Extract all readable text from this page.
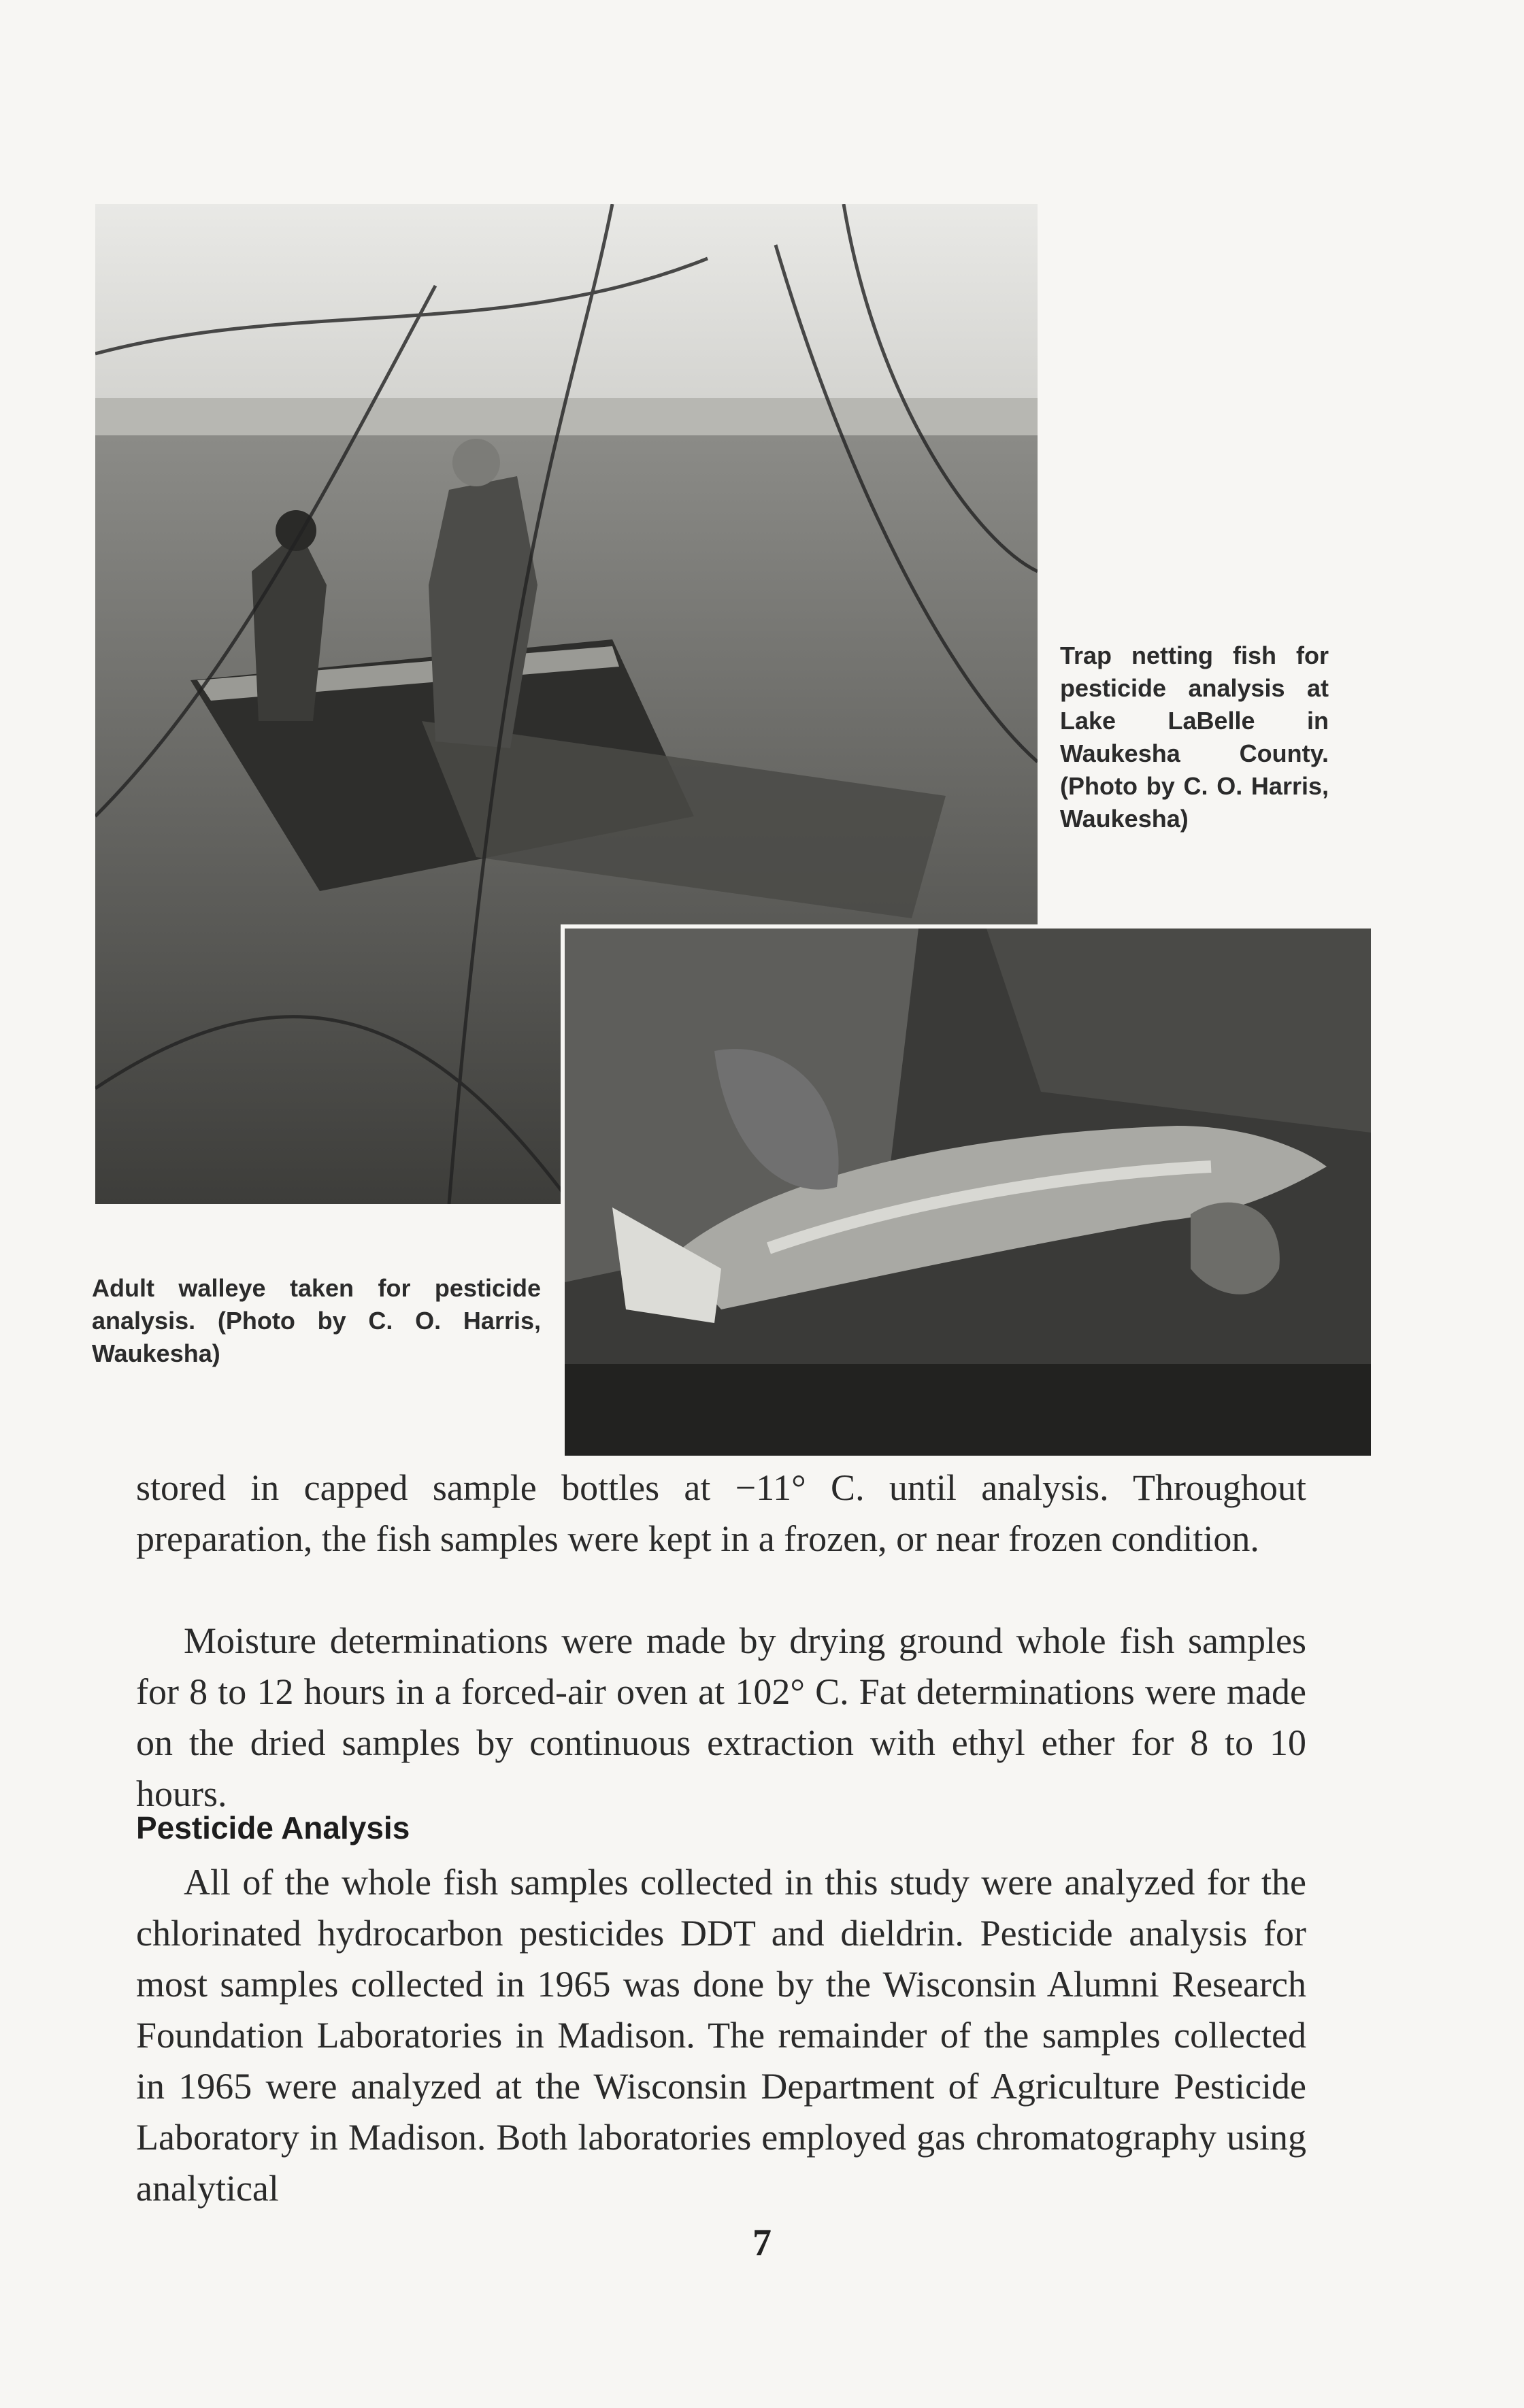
Trap netting fish for pesticide analysis at Lake LaBelle in Waukesha County. (Photo by C. O. Harris, Waukesha)

Adult walleye taken for pesticide analysis. (Photo by C. O. Harris, Waukesha)

stored in capped sample bottles at −11° C. until analysis. Throughout preparation, the fish samples were kept in a frozen, or near frozen condition.

Moisture determinations were made by drying ground whole fish samples for 8 to 12 hours in a forced-air oven at 102° C. Fat determinations were made on the dried samples by continuous extraction with ethyl ether for 8 to 10 hours.

Pesticide Analysis

All of the whole fish samples collected in this study were analyzed for the chlorinated hydrocarbon pesticides DDT and dieldrin. Pesticide analysis for most samples collected in 1965 was done by the Wisconsin Alumni Research Foundation Laboratories in Madison. The remainder of the samples collected in 1965 were analyzed at the Wisconsin Department of Agriculture Pesticide Laboratory in Madison. Both laboratories employed gas chromatography using analytical

7
